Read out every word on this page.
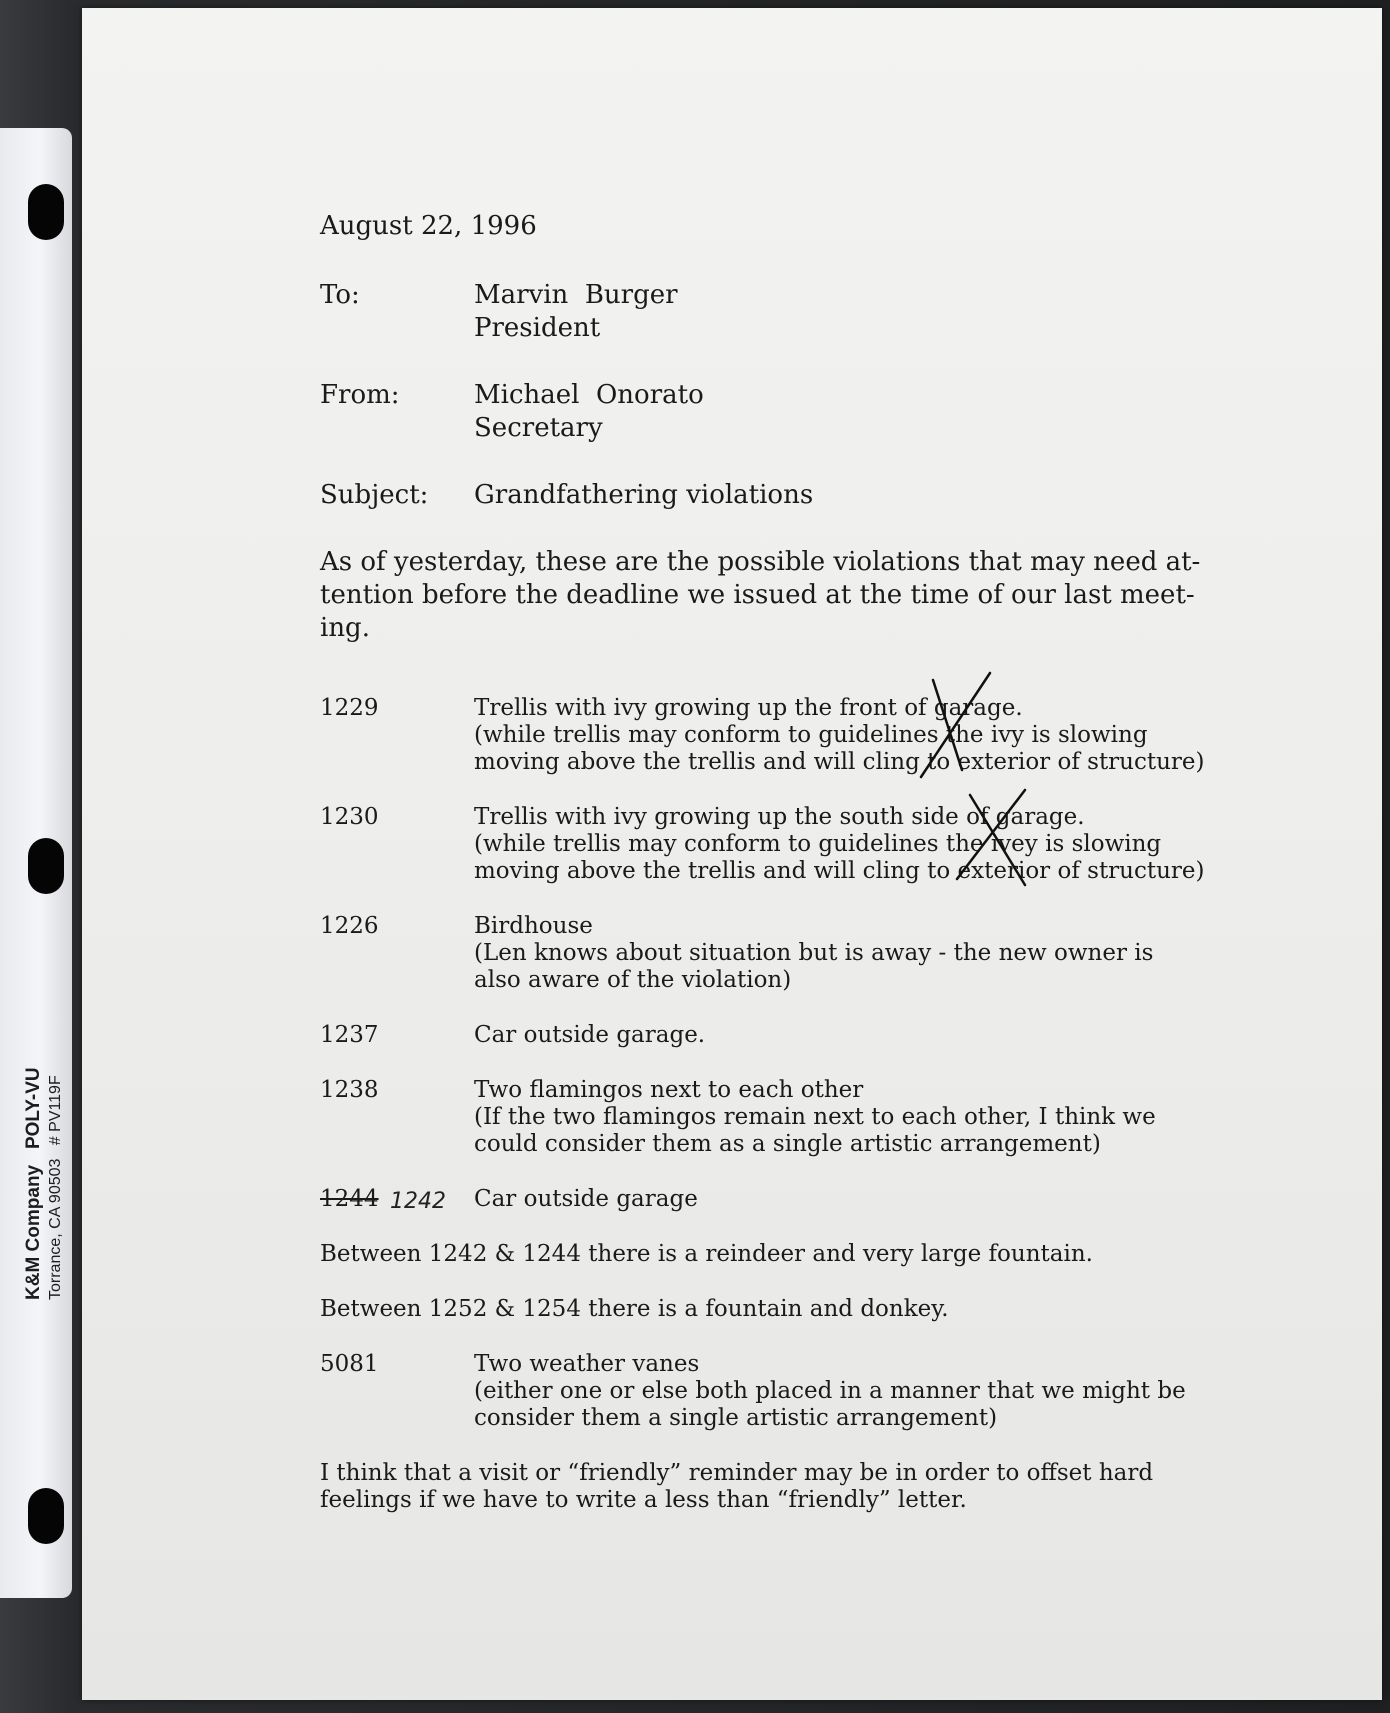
K&M Company   POLY-VU
Torrance, CA 90503   # PV119F
August 22, 1996
To:	Marvin  Burger
President
From:	Michael  Onorato
Secretary
Subject:	Grandfathering violations

As of yesterday, these are the possible violations that may need at- tention before the deadline we issued at the time of our last meet- ing.

1229	Trellis with ivy growing up the front of garage.
(while trellis may conform to guidelines the ivy is slowing
moving above the trellis and will cling to exterior of structure)
1230	Trellis with ivy growing up the south side of garage.
(while trellis may conform to guidelines the ivey is slowing
moving above the trellis and will cling to exterior of structure)
1226	Birdhouse
(Len knows about situation but is away - the new owner is
also aware of the violation)
1237	Car outside garage.
1238	Two flamingos next to each other
(If the two flamingos remain next to each other, I think we
could consider them as a single artistic arrangement)
1244 1242 Car outside garage
Between 1242 & 1244 there is a reindeer and very large fountain.
Between 1252 & 1254 there is a fountain and donkey.
5081	Two weather vanes
(either one or else both placed in a manner that we might be
consider them a single artistic arrangement)
I think that a visit or “friendly” reminder may be in order to offset hard
feelings if we have to write a less than “friendly” letter.
